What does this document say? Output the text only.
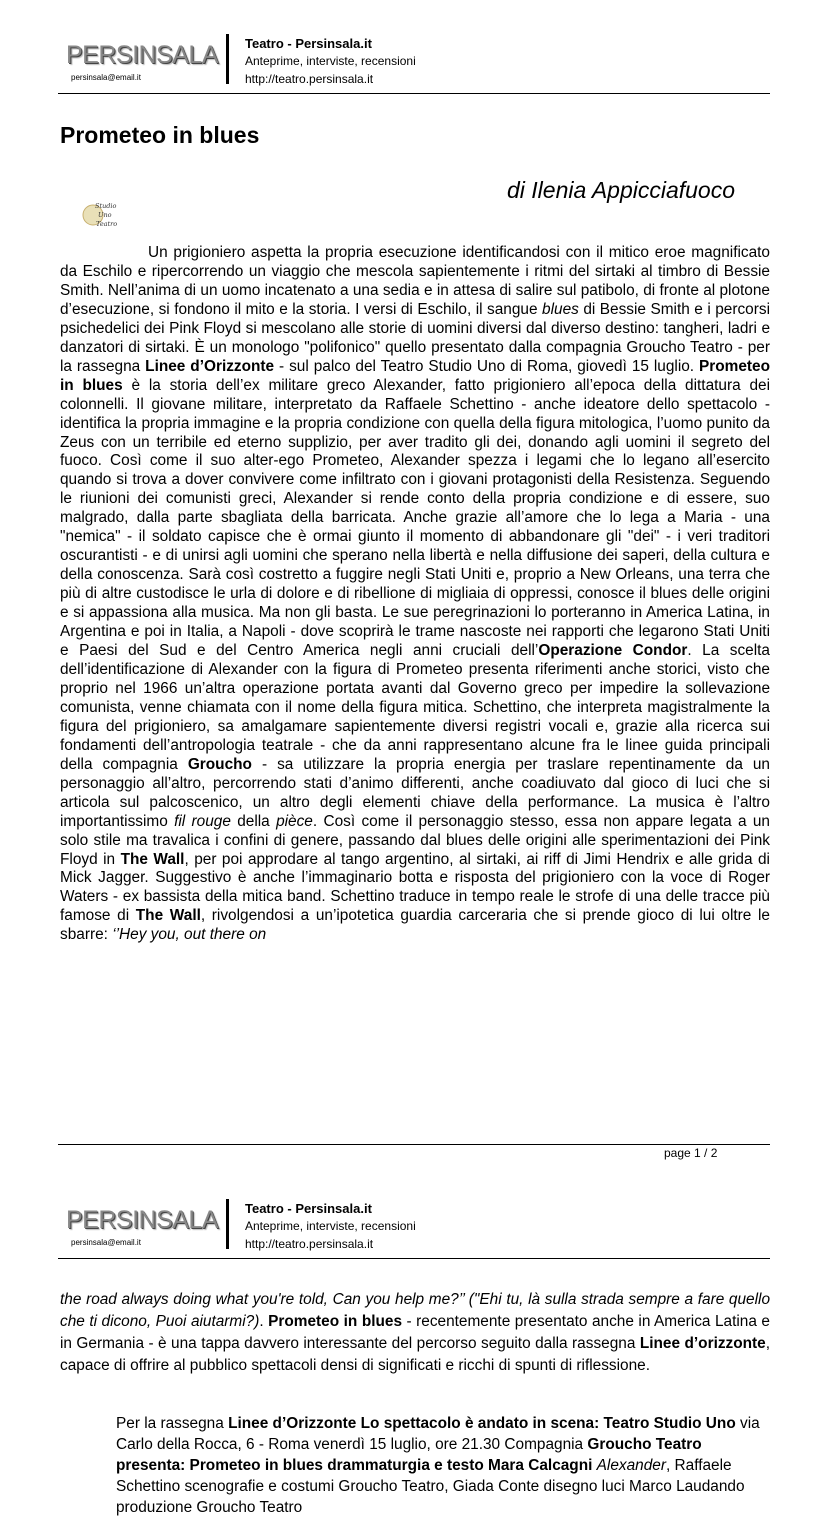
PERSINSALA
persinsala@email.it
Teatro - Persinsala.it
Anteprime, interviste, recensioni
http://teatro.persinsala.it
Prometeo in blues
di Ilenia Appicciafuoco
Studio
Uno
Teatro

Un prigioniero aspetta la propria esecuzione identificandosi con il mitico eroe magnificato da Eschilo e ripercorrendo un viaggio che mescola sapientemente i ritmi del sirtaki al timbro di Bessie Smith. Nell’anima di un uomo incatenato a una sedia e in attesa di salire sul patibolo, di fronte al plotone d’esecuzione, si fondono il mito e la storia. I versi di Eschilo, il sangue blues di Bessie Smith e i percorsi psichedelici dei Pink Floyd si mescolano alle storie di uomini diversi dal diverso destino: tangheri, ladri e danzatori di sirtaki. È un monologo "polifonico" quello presentato dalla compagnia Groucho Teatro - per la rassegna Linee d’Orizzonte - sul palco del Teatro Studio Uno di Roma, giovedì 15 luglio. Prometeo in blues è la storia dell’ex militare greco Alexander, fatto prigioniero all’epoca della dittatura dei colonnelli. Il giovane militare, interpretato da Raffaele Schettino - anche ideatore dello spettacolo - identifica la propria immagine e la propria condizione con quella della figura mitologica, l’uomo punito da Zeus con un terribile ed eterno supplizio, per aver tradito gli dei, donando agli uomini il segreto del fuoco. Così come il suo alter-ego Prometeo, Alexander spezza i legami che lo legano all’esercito quando si trova a dover convivere come infiltrato con i giovani protagonisti della Resistenza. Seguendo le riunioni dei comunisti greci, Alexander si rende conto della propria condizione e di essere, suo malgrado, dalla parte sbagliata della barricata. Anche grazie all’amore che lo lega a Maria - una "nemica" - il soldato capisce che è ormai giunto il momento di abbandonare gli "dei" - i veri traditori oscurantisti - e di unirsi agli uomini che sperano nella libertà e nella diffusione dei saperi, della cultura e della conoscenza. Sarà così costretto a fuggire negli Stati Uniti e, proprio a New Orleans, una terra che più di altre custodisce le urla di dolore e di ribellione di migliaia di oppressi, conosce il blues delle origini e si appassiona alla musica. Ma non gli basta. Le sue peregrinazioni lo porteranno in America Latina, in Argentina e poi in Italia, a Napoli - dove scoprirà le trame nascoste nei rapporti che legarono Stati Uniti e Paesi del Sud e del Centro America negli anni cruciali dell’Operazione Condor. La scelta dell’identificazione di Alexander con la figura di Prometeo presenta riferimenti anche storici, visto che proprio nel 1966 un’altra operazione portata avanti dal Governo greco per impedire la sollevazione comunista, venne chiamata con il nome della figura mitica. Schettino, che interpreta magistralmente la figura del prigioniero, sa amalgamare sapientemente diversi registri vocali e, grazie alla ricerca sui fondamenti dell’antropologia teatrale - che da anni rappresentano alcune fra le linee guida principali della compagnia Groucho - sa utilizzare la propria energia per traslare repentinamente da un personaggio all’altro, percorrendo stati d’animo differenti, anche coadiuvato dal gioco di luci che si articola sul palcoscenico, un altro degli elementi chiave della performance. La musica è l’altro importantissimo fil rouge della pièce. Così come il personaggio stesso, essa non appare legata a un solo stile ma travalica i confini di genere, passando dal blues delle origini alle sperimentazioni dei Pink Floyd in The Wall, per poi approdare al tango argentino, al sirtaki, ai riff di Jimi Hendrix e alle grida di Mick Jagger. Suggestivo è anche l’immaginario botta e risposta del prigioniero con la voce di Roger Waters - ex bassista della mitica band. Schettino traduce in tempo reale le strofe di una delle tracce più famose di The Wall, rivolgendosi a un’ipotetica guardia carceraria che si prende gioco di lui oltre le sbarre: ‘’Hey you, out there on

page 1 / 2
PERSINSALA
persinsala@email.it
Teatro - Persinsala.it
Anteprime, interviste, recensioni
http://teatro.persinsala.it

the road always doing what you're told, Can you help me?’’ ("Ehi tu, là sulla strada sempre a fare quello che ti dicono, Puoi aiutarmi?). Prometeo in blues - recentemente presentato anche in America Latina e in Germania - è una tappa davvero interessante del percorso seguito dalla rassegna Linee d’orizzonte, capace di offrire al pubblico spettacoli densi di significati e ricchi di spunti di riflessione.

Per la rassegna Linee d’Orizzonte Lo spettacolo è andato in scena: Teatro Studio Uno via Carlo della Rocca, 6 - Roma venerdì 15 luglio, ore 21.30 Compagnia Groucho Teatro presenta: Prometeo in blues drammaturgia e testo Mara Calcagni Alexander, Raffaele Schettino scenografie e costumi Groucho Teatro, Giada Conte disegno luci Marco Laudando produzione Groucho Teatro
